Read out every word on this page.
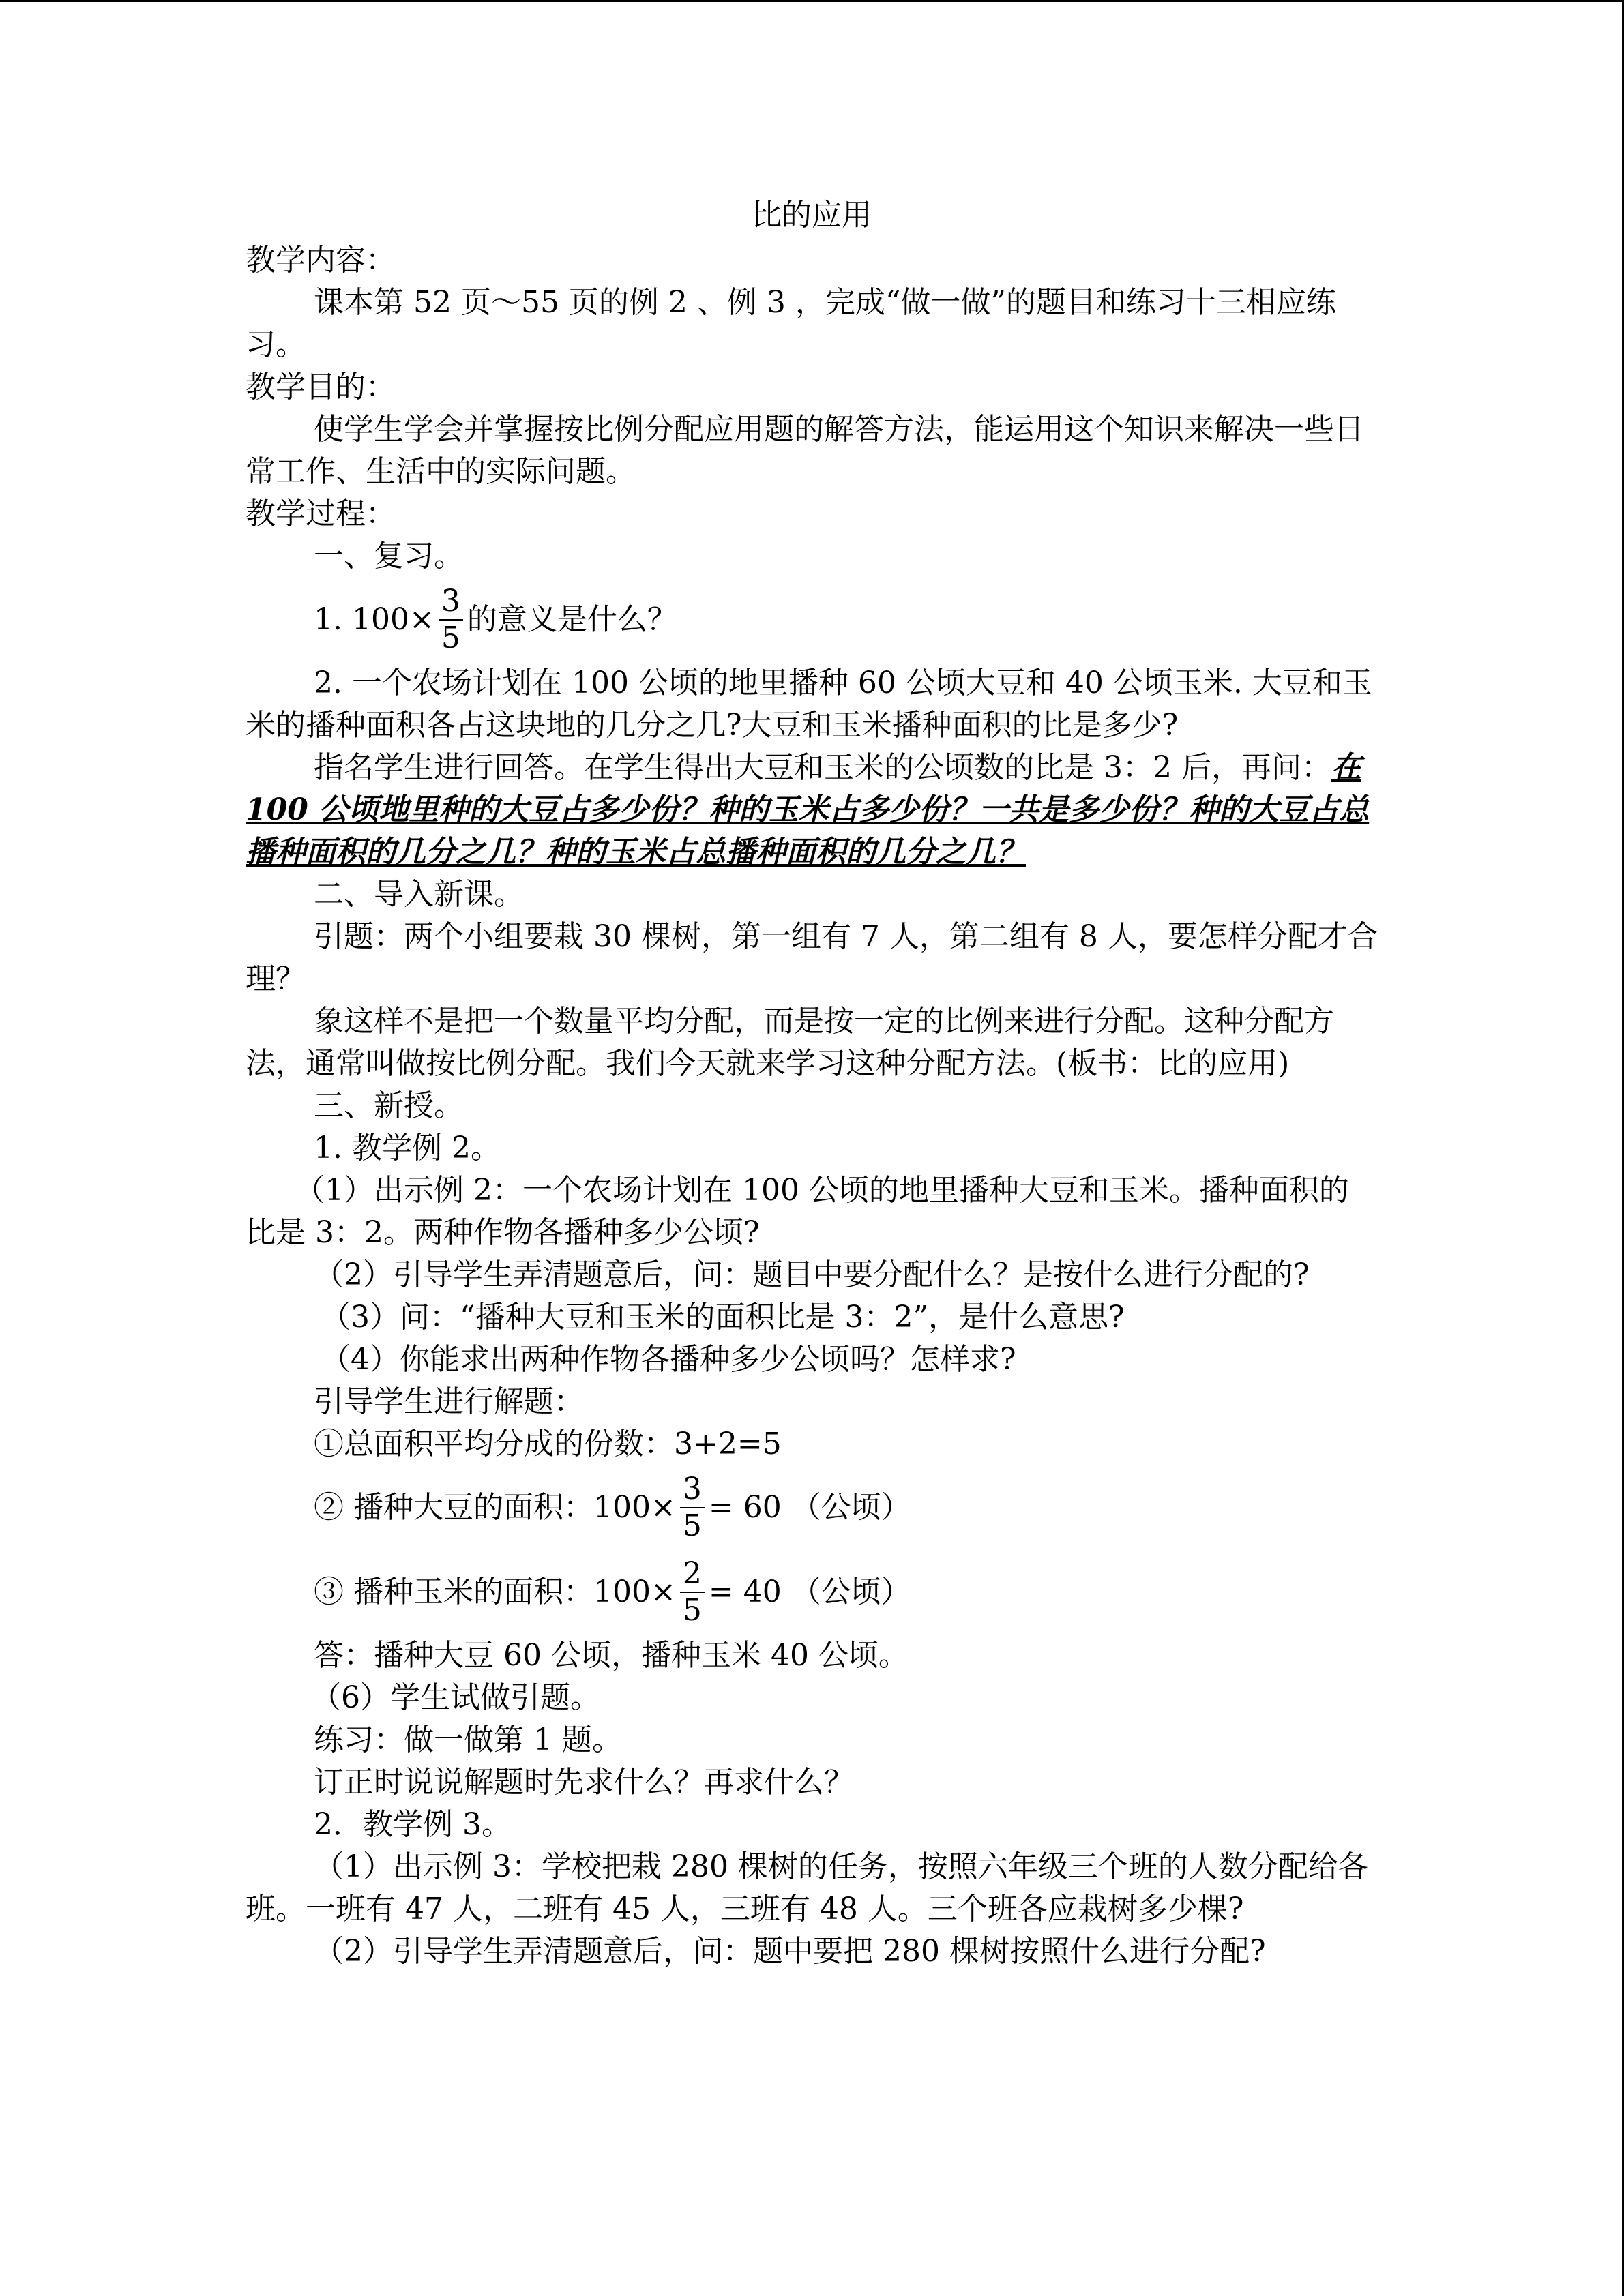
比的应用

教学内容：

课本第 52 页～55 页的例 2 、例 3 ，完成“做一做”的题目和练习十三相应练习。

教学目的：

使学生学会并掌握按比例分配应用题的解答方法，能运用这个知识来解决一些日常工作、生活中的实际问题。

教学过程：

一、复习。

1. $100\times \frac{3}{5}$ 的意义是什么？

2. 一个农场计划在 100 公顷的地里播种 60 公顷大豆和 40 公顷玉米. 大豆和玉米的播种面积各占这块地的几分之几?大豆和玉米播种面积的比是多少?

指名学生进行回答。在学生得出大豆和玉米的公顷数的比是 3：2 后，再问：在 100 公顷地里种的大豆占多少份？种的玉米占多少份？一共是多少份？种的大豆占总播种面积的几分之几？种的玉米占总播种面积的几分之几？

二、导入新课。

引题：两个小组要栽 30 棵树，第一组有 7 人，第二组有 8 人，要怎样分配才合理？

象这样不是把一个数量平均分配，而是按一定的比例来进行分配。这种分配方法，通常叫做按比例分配。我们今天就来学习这种分配方法。(板书：比的应用)

三、新授。

1. 教学例 2。

（1）出示例 2：一个农场计划在 100 公顷的地里播种大豆和玉米。播种面积的比是 3：2。两种作物各播种多少公顷?

（2）引导学生弄清题意后，问：题目中要分配什么？是按什么进行分配的?

（3）问：“播种大豆和玉米的面积比是 3：2”，是什么意思?

（4）你能求出两种作物各播种多少公顷吗？怎样求?

引导学生进行解题：

①总面积平均分成的份数：3+2=5

② 播种大豆的面积：$100\times \frac{3}{5} = 60$ （公顷）
③ 播种玉米的面积：$100\times \frac{2}{5} = 40$ （公顷）

答：播种大豆 60 公顷，播种玉米 40 公顷。

（6）学生试做引题。

练习：做一做第 1 题。

订正时说说解题时先求什么？再求什么？

2．教学例 3。

（1）出示例 3：学校把栽 280 棵树的任务，按照六年级三个班的人数分配给各班。一班有 47 人，二班有 45 人，三班有 48 人。三个班各应栽树多少棵?

（2）引导学生弄清题意后，问：题中要把 280 棵树按照什么进行分配?
